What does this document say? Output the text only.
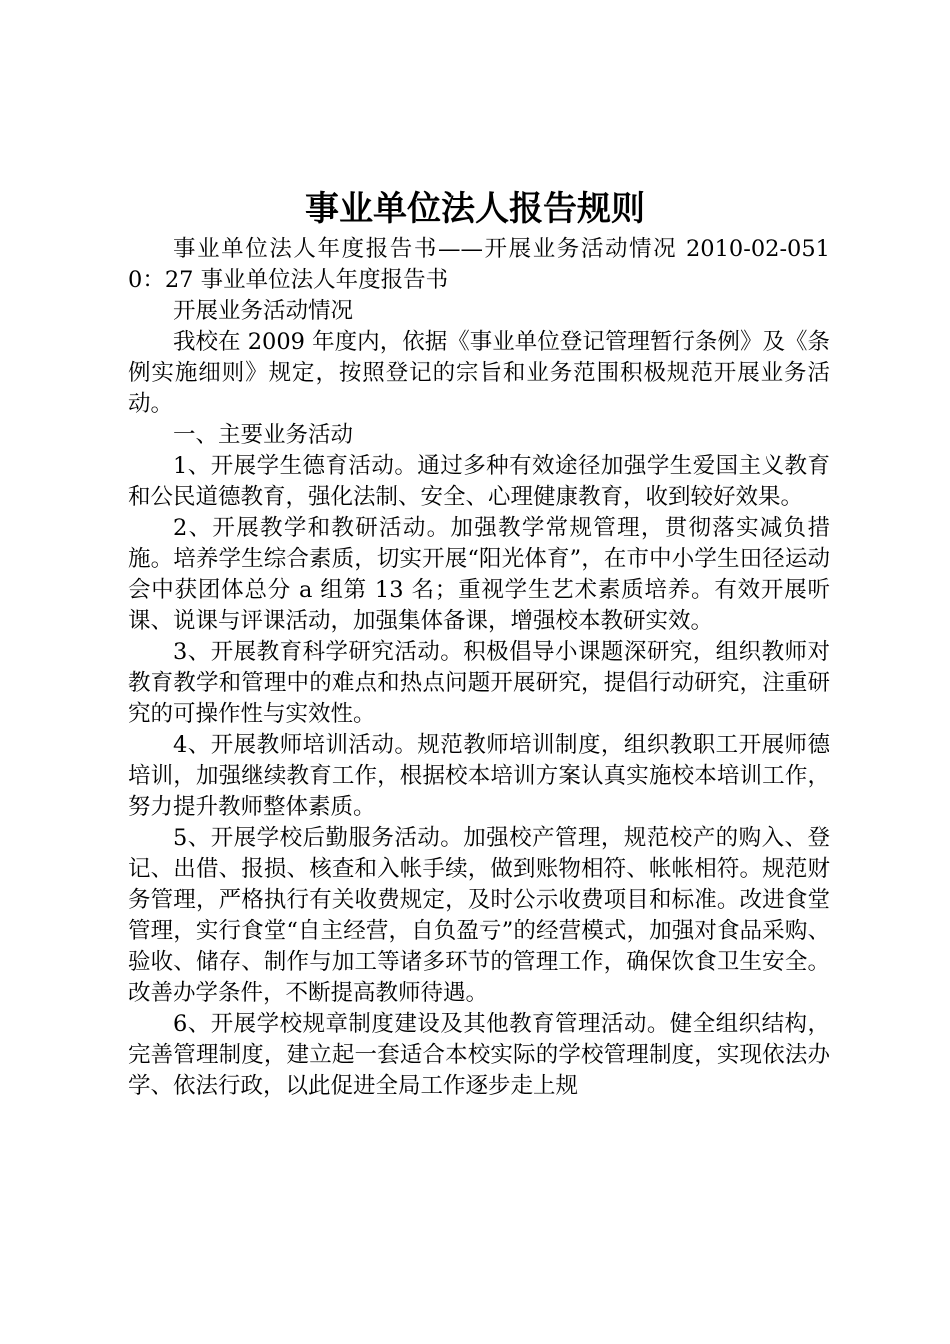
事业单位法人报告规则

事业单位法人年度报告书——开展业务活动情况 2010-02-0510：27 事业单位法人年度报告书

开展业务活动情况

我校在 2009 年度内，依据《事业单位登记管理暂行条例》及《条例实施细则》规定，按照登记的宗旨和业务范围积极规范开展业务活动。

一、主要业务活动

1、开展学生德育活动。通过多种有效途径加强学生爱国主义教育和公民道德教育，强化法制、安全、心理健康教育，收到较好效果。

2、开展教学和教研活动。加强教学常规管理，贯彻落实减负措施。培养学生综合素质，切实开展“阳光体育”，在市中小学生田径运动会中获团体总分 a 组第 13 名；重视学生艺术素质培养。有效开展听课、说课与评课活动，加强集体备课，增强校本教研实效。

3、开展教育科学研究活动。积极倡导小课题深研究，组织教师对教育教学和管理中的难点和热点问题开展研究，提倡行动研究，注重研究的可操作性与实效性。

4、开展教师培训活动。规范教师培训制度，组织教职工开展师德培训，加强继续教育工作，根据校本培训方案认真实施校本培训工作，努力提升教师整体素质。

5、开展学校后勤服务活动。加强校产管理，规范校产的购入、登记、出借、报损、核查和入帐手续，做到账物相符、帐帐相符。规范财务管理，严格执行有关收费规定，及时公示收费项目和标准。改进食堂管理，实行食堂“自主经营，自负盈亏”的经营模式，加强对食品采购、验收、储存、制作与加工等诸多环节的管理工作，确保饮食卫生安全。改善办学条件，不断提高教师待遇。

6、开展学校规章制度建设及其他教育管理活动。健全组织结构，完善管理制度，建立起一套适合本校实际的学校管理制度，实现依法办学、依法行政，以此促进全局工作逐步走上规
